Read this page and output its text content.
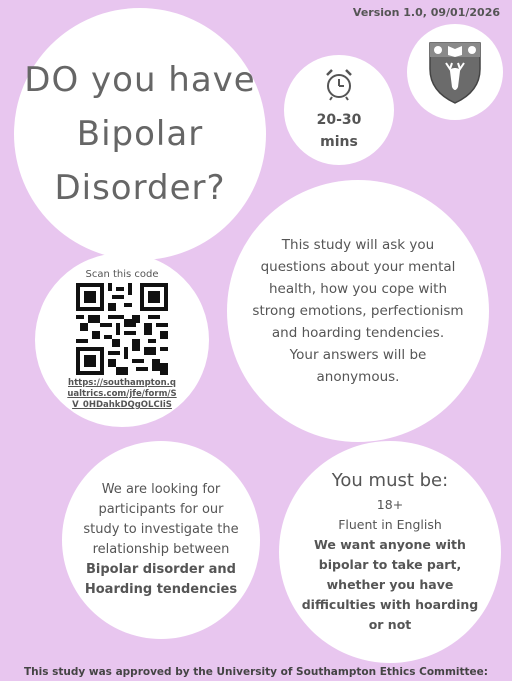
Version 1.0, 09/01/2026
DO you have
Bipolar
Disorder?
20-30
mins
This study will ask you questions about your mental health, how you cope with strong emotions, perfectionism and hoarding tendencies.
Your answers will be anonymous.
Scan this code
https://southampton.qualtrics.com/jfe/form/SV_0HDahkDQgOLCIiS
We are looking for participants for our study to investigate the relationship between Bipolar disorder and Hoarding tendencies
You must be:
18+
Fluent in English
We want anyone with bipolar to take part, whether you have difficulties with hoarding or not
This study was approved by the University of Southampton Ethics Committee:
